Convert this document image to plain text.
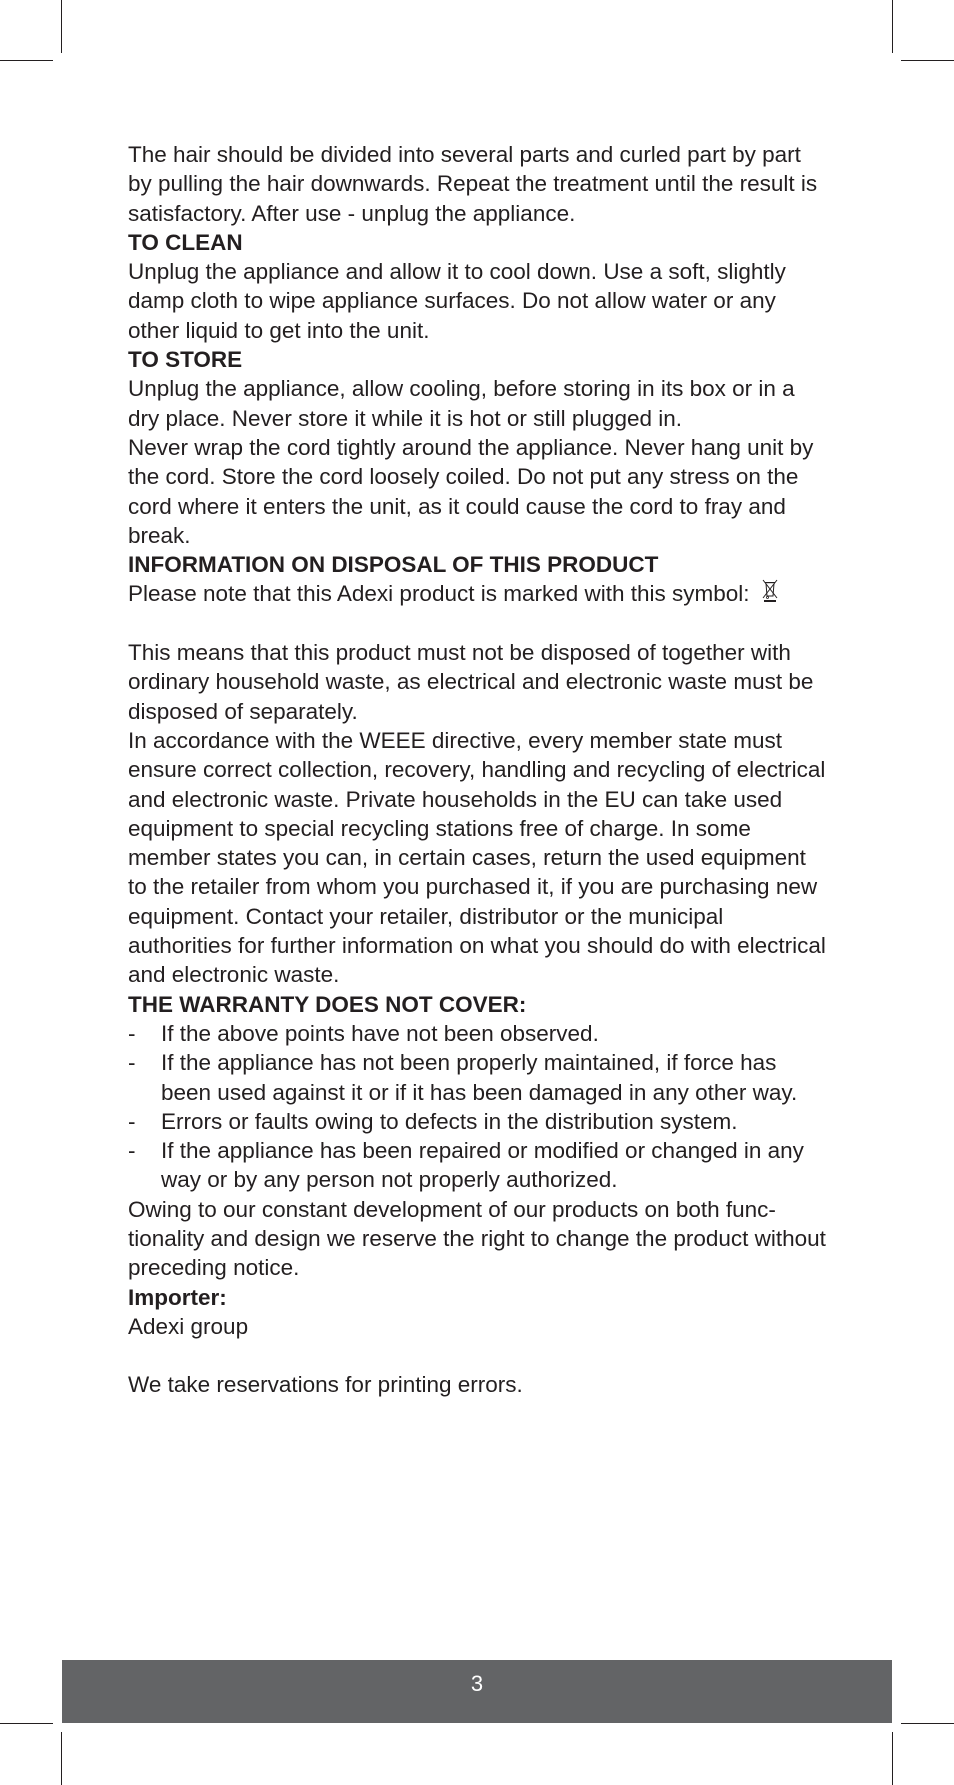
The hair should be divided into several parts and curled part by part by pulling the hair downwards. Repeat the treatment until the result is satisfactory. After use - unplug the appliance.

TO CLEAN

Unplug the appliance and allow it to cool down. Use a soft, slightly damp cloth to wipe appliance surfaces. Do not allow water or any other liquid to get into the unit.

TO STORE

Unplug the appliance, allow cooling, before storing in its box or in a dry place. Never store it while it is hot or still plugged in.

Never wrap the cord tightly around the appliance. Never hang unit by the cord. Store the cord loosely coiled. Do not put any stress on the cord where it enters the unit, as it could cause the cord to fray and break.

INFORMATION ON DISPOSAL OF THIS PRODUCT

Please note that this Adexi product is marked with this symbol:

This means that this product must not be disposed of together with ordinary household waste, as electrical and electronic waste must be disposed of separately.

In accordance with the WEEE directive, every member state must ensure correct collection, recovery, handling and recycling of electrical and electronic waste. Private households in the EU can take used equipment to special recycling stations free of charge. In some member states you can, in certain cases, return the used equipment to the retailer from whom you purchased it, if you are purchasing new equipment. Contact your retailer, distributor or the municipal authorities for further information on what you should do with electrical and electronic waste.

THE WARRANTY DOES NOT COVER:

- If the above points have not been observed.
- If the appliance has not been properly maintained, if force has been used against it or if it has been damaged in any other way.
- Errors or faults owing to defects in the distribution system.
- If the appliance has been repaired or modified or changed in any way or by any person not properly authorized.

Owing to our constant development of our products on both func-tionality and design we reserve the right to change the product without preceding notice.

Importer:

Adexi group

We take reservations for printing errors.

3
